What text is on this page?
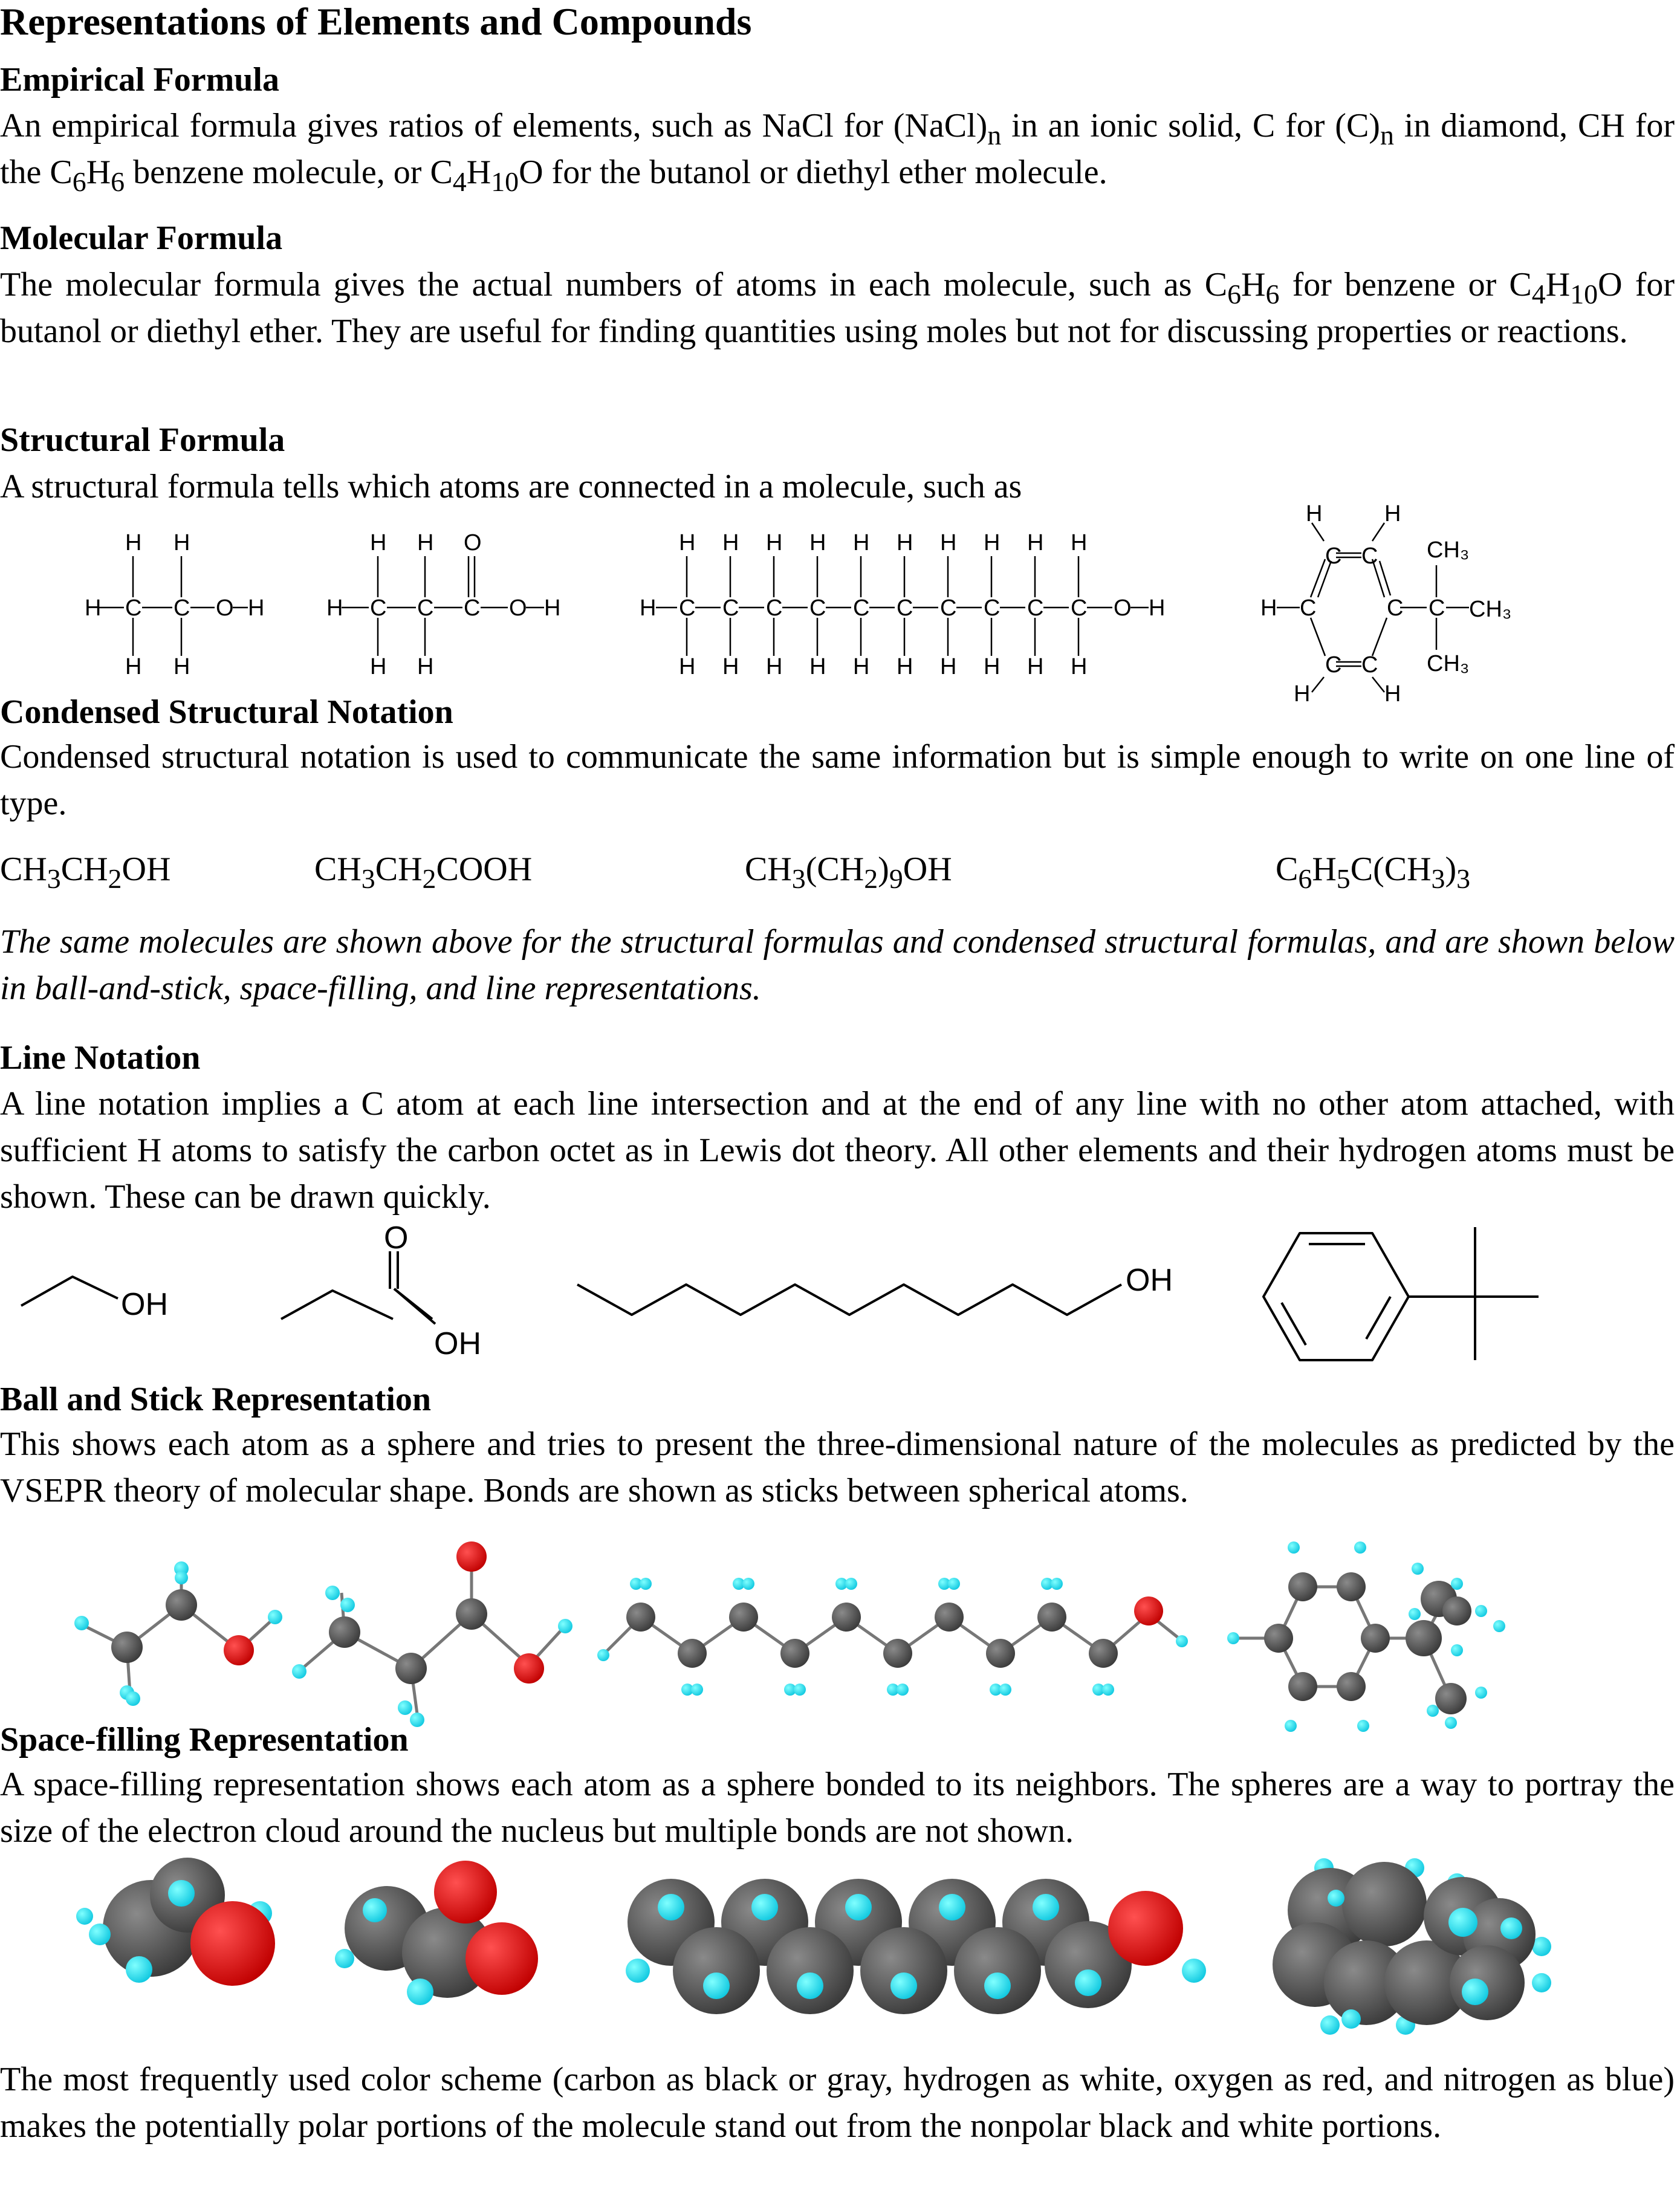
Representations of Elements and Compounds
Empirical Formula
An empirical formula gives ratios of elements, such as NaCl for $(NaCl)_n$ in an ionic solid, C for $(C)_n$ in diamond, CH for the $C_6H_6$ benzene molecule, or $C_4H_{10}O$ for the butanol or diethyl ether molecule.
Molecular Formula
The molecular formula gives the actual numbers of atoms in each molecule, such as $C_6H_6$ for benzene or $C_4H_{10}O$ for butanol or diethyl ether. They are useful for finding quantities using moles but not for discussing properties or reactions.
Structural Formula
A structural formula tells which atoms are connected in a molecule, such as
H C C O H
H H
H H
H C C C O H
H H O
H H
H C C C C C C C C C C O H
H H H H H H H H H H
H H H H H H H H H H
H C
C C
C
C C
H	H
H	H
C CH₃
CH₃
CH₃
Condensed Structural Notation
Condensed structural notation is used to communicate the same information but is simple enough to write on one line of type.
$CH_3CH_2OH$	$CH_3CH_2COOH$	$CH_3(CH_2)_9OH$	$C_6H_5C(CH_3)_3$
The same molecules are shown above for the structural formulas and condensed structural formulas, and are shown below in ball-and-stick, space-filling, and line representations.
Line Notation
A line notation implies a C atom at each line intersection and at the end of any line with no other atom attached, with sufficient H atoms to satisfy the carbon octet as in Lewis dot theory. All other elements and their hydrogen atoms must be shown. These can be drawn quickly.
OH
O
OH
OH
Ball and Stick Representation
This shows each atom as a sphere and tries to present the three-dimensional nature of the molecules as predicted by the VSEPR theory of molecular shape. Bonds are shown as sticks between spherical atoms.
Space-filling Representation
A space-filling representation shows each atom as a sphere bonded to its neighbors. The spheres are a way to portray the size of the electron cloud around the nucleus but multiple bonds are not shown.
The most frequently used color scheme (carbon as black or gray, hydrogen as white, oxygen as red, and nitrogen as blue) makes the potentially polar portions of the molecule stand out from the nonpolar black and white portions.
